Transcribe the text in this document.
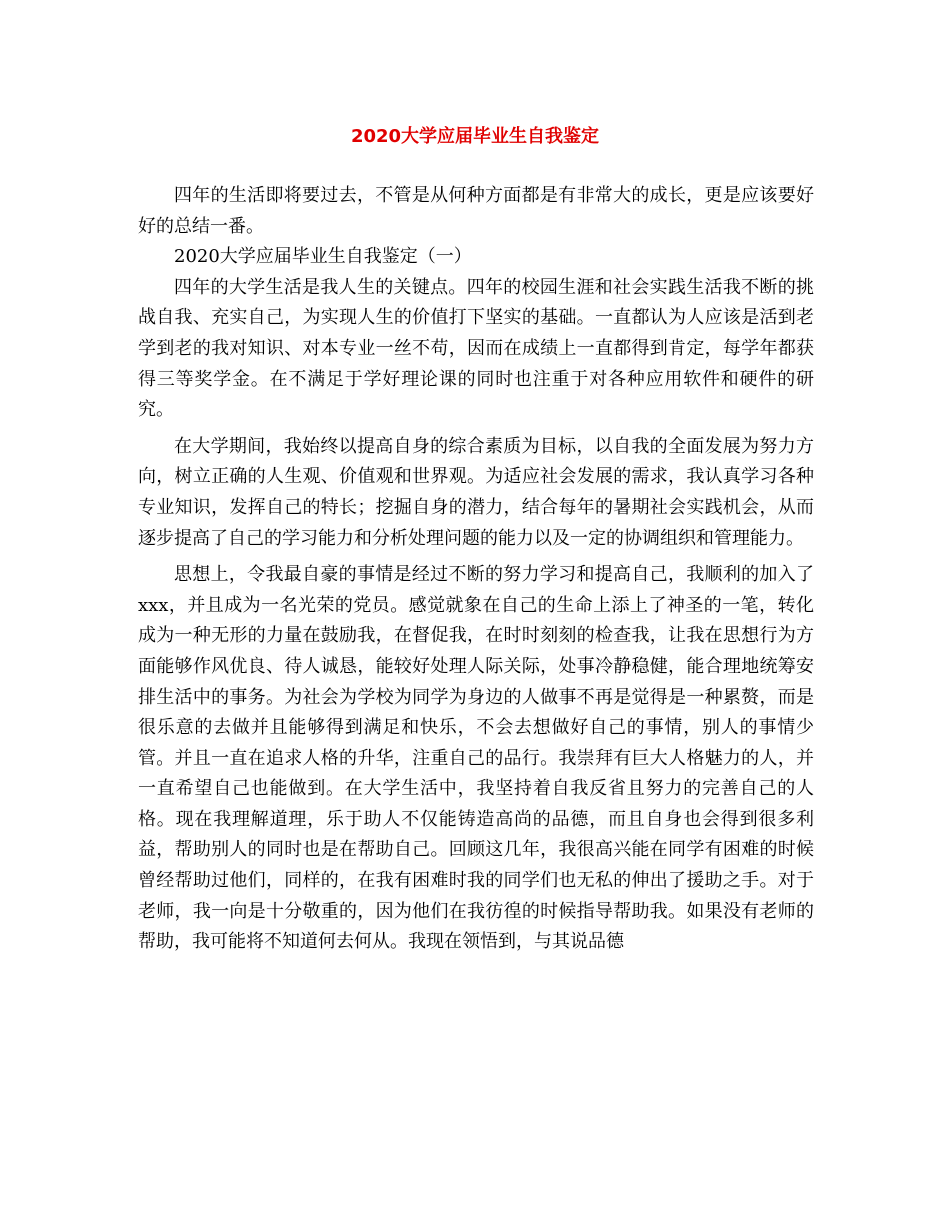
2020大学应届毕业生自我鉴定

四年的生活即将要过去，不管是从何种方面都是有非常大的成长，更是应该要好好的总结一番。

2020大学应届毕业生自我鉴定（一）

四年的大学生活是我人生的关键点。四年的校园生涯和社会实践生活我不断的挑战自我、充实自己，为实现人生的价值打下坚实的基础。一直都认为人应该是活到老学到老的我对知识、对本专业一丝不苟，因而在成绩上一直都得到肯定，每学年都获得三等奖学金。在不满足于学好理论课的同时也注重于对各种应用软件和硬件的研究。

在大学期间，我始终以提高自身的综合素质为目标，以自我的全面发展为努力方向，树立正确的人生观、价值观和世界观。为适应社会发展的需求，我认真学习各种专业知识，发挥自己的特长；挖掘自身的潜力，结合每年的暑期社会实践机会，从而逐步提高了自己的学习能力和分析处理问题的能力以及一定的协调组织和管理能力。

思想上，令我最自豪的事情是经过不断的努力学习和提高自己，我顺利的加入了xxx，并且成为一名光荣的党员。感觉就象在自己的生命上添上了神圣的一笔，转化成为一种无形的力量在鼓励我，在督促我，在时时刻刻的检查我，让我在思想行为方面能够作风优良、待人诚恳，能较好处理人际关际，处事冷静稳健，能合理地统筹安排生活中的事务。为社会为学校为同学为身边的人做事不再是觉得是一种累赘，而是很乐意的去做并且能够得到满足和快乐，不会去想做好自己的事情，别人的事情少管。并且一直在追求人格的升华，注重自己的品行。我崇拜有巨大人格魅力的人，并一直希望自己也能做到。在大学生活中，我坚持着自我反省且努力的完善自己的人格。现在我理解道理，乐于助人不仅能铸造高尚的品德，而且自身也会得到很多利益，帮助别人的同时也是在帮助自己。回顾这几年，我很高兴能在同学有困难的时候曾经帮助过他们，同样的，在我有困难时我的同学们也无私的伸出了援助之手。对于老师，我一向是十分敬重的，因为他们在我彷徨的时候指导帮助我。如果没有老师的帮助，我可能将不知道何去何从。我现在领悟到，与其说品德
